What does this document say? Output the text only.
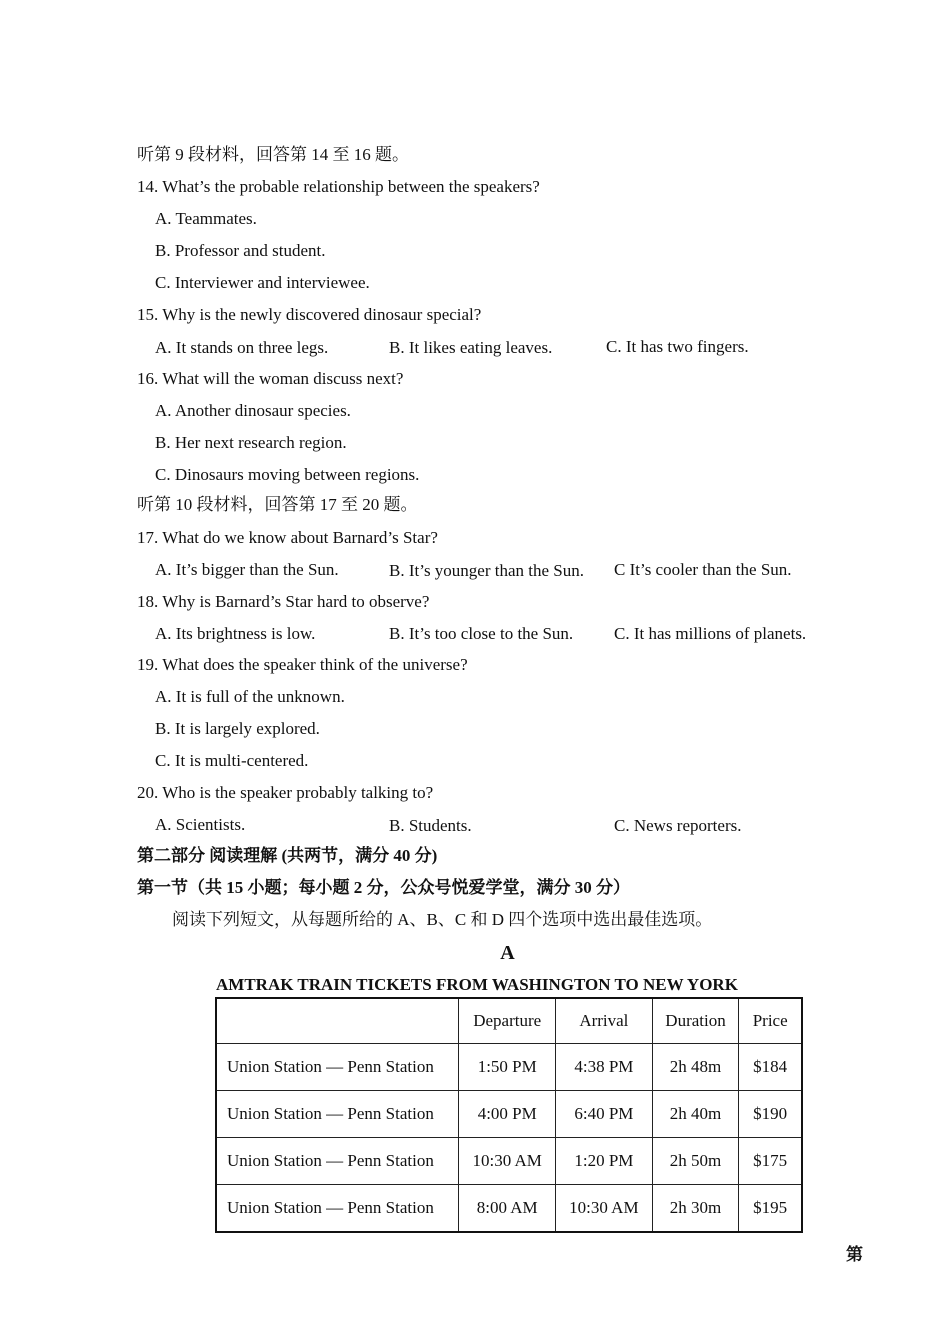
听第 9 段材料，回答第 14 至 16 题。
14. What’s the probable relationship between the speakers?
A. Teammates.
B. Professor and student.
C. Interviewer and interviewee.
15. Why is the newly discovered dinosaur special?
A. It stands on three legs.	B. It likes eating leaves.	C. It has two fingers.
16. What will the woman discuss next?
A. Another dinosaur species.
B. Her next research region.
C. Dinosaurs moving between regions.
听第 10 段材料，回答第 17 至 20 题。
17. What do we know about Barnard’s Star?
A. It’s bigger than the Sun.	B. It’s younger than the Sun. C It’s cooler than the Sun.
18. Why is Barnard’s Star hard to observe?
A. Its brightness is low.	B. It’s too close to the Sun. C. It has millions of planets.
19. What does the speaker think of the universe?
A. It is full of the unknown.
B. It is largely explored.
C. It is multi-centered.
20. Who is the speaker probably talking to?
A. Scientists.	B. Students.	C. News reporters.
第二部分 阅读理解 (共两节，满分 40 分)
第一节（共 15 小题；每小题 2 分，公众号悦爱学堂，满分 30 分）
阅读下列短文，从每题所给的 A、B、C 和 D 四个选项中选出最佳选项。
A
AMTRAK TRAIN TICKETS FROM WASHINGTON TO NEW YORK
	Departure	Arrival	Duration	Price
Union Station — Penn Station	1:50 PM	4:38 PM	2h 48m	$184
Union Station — Penn Station	4:00 PM	6:40 PM	2h 40m	$190
Union Station — Penn Station	10:30 AM	1:20 PM	2h 50m	$175
Union Station — Penn Station	8:00 AM	10:30 AM	2h 30m	$195
第
